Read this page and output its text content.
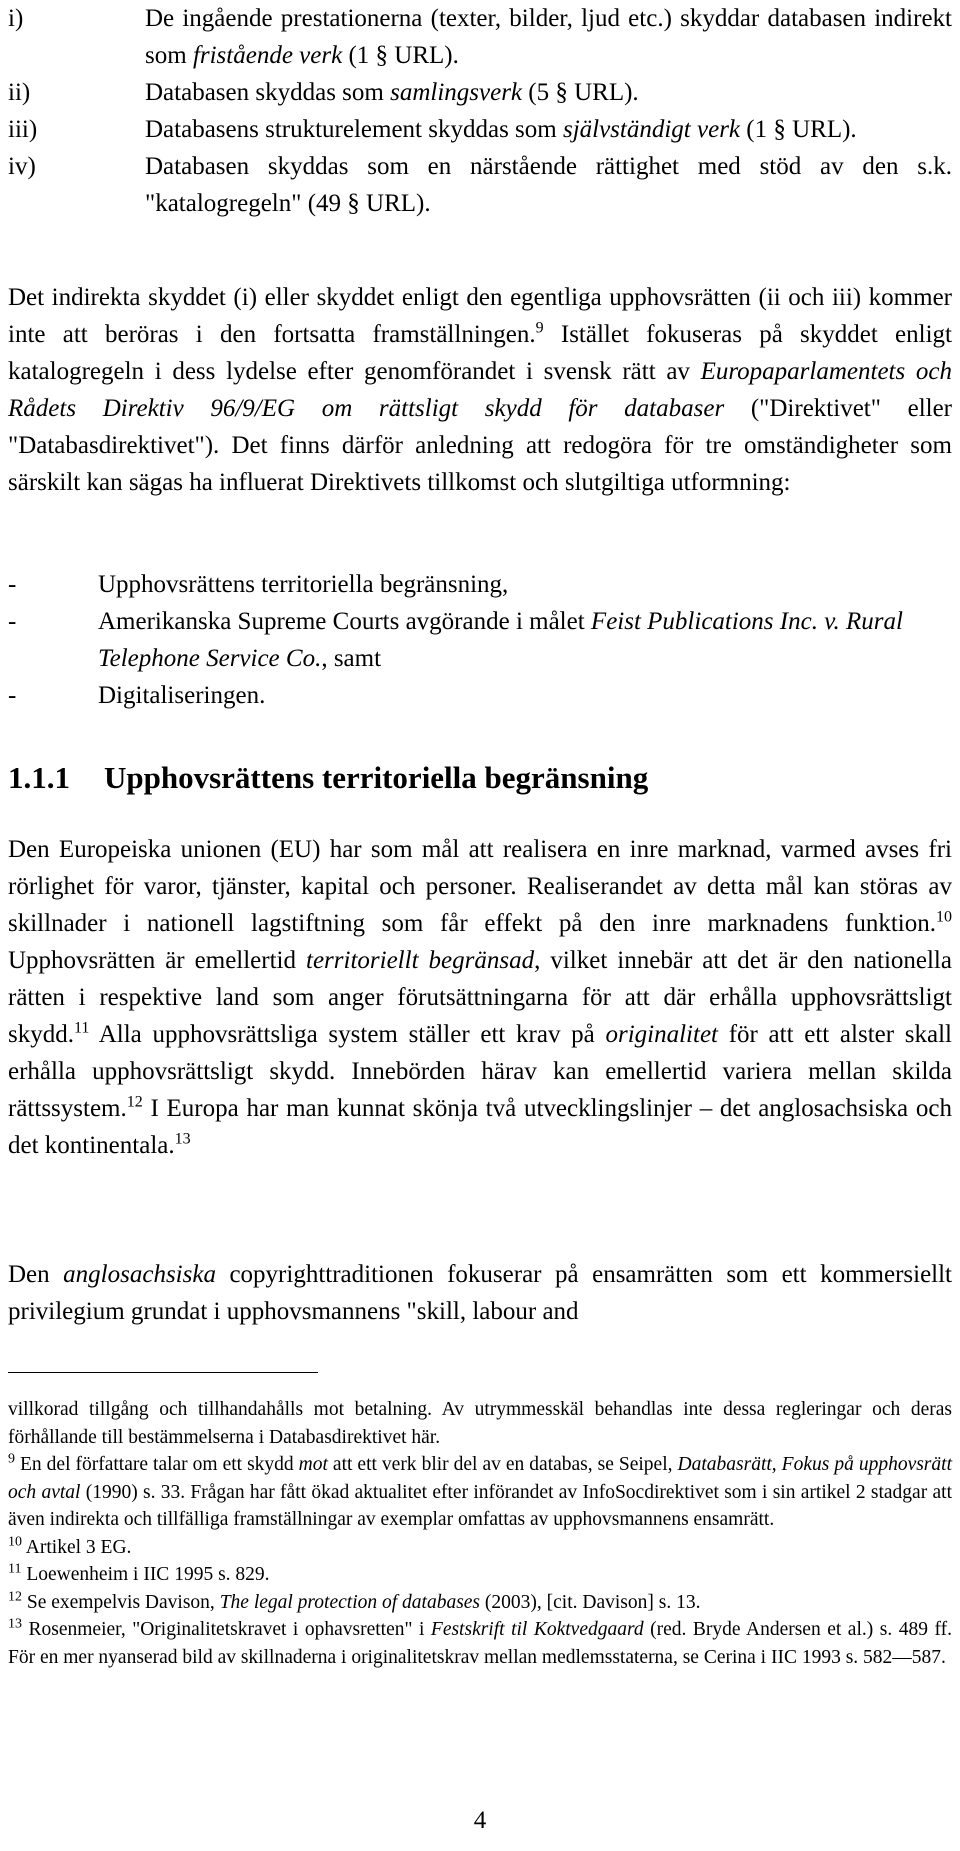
i)	De ingående prestationerna (texter, bilder, ljud etc.) skyddar databasen indirekt som fristående verk (1 § URL).
ii)	Databasen skyddas som samlingsverk (5 § URL).
iii)	Databasens strukturelement skyddas som självständigt verk (1 § URL).
iv)	Databasen skyddas som en närstående rättighet med stöd av den s.k. "katalogregeln" (49 § URL).

Det indirekta skyddet (i) eller skyddet enligt den egentliga upphovsrätten (ii och iii) kommer inte att beröras i den fortsatta framställningen.$^9$ Istället fokuseras på skyddet enligt katalogregeln i dess lydelse efter genomförandet i svensk rätt av Europaparlamentets och Rådets Direktiv 96/9/EG om rättsligt skydd för databaser ("Direktivet" eller "Databasdirektivet"). Det finns därför anledning att redogöra för tre omständigheter som särskilt kan sägas ha influerat Direktivets tillkomst och slutgiltiga utformning:

-	Upphovsrättens territoriella begränsning,
-	Amerikanska Supreme Courts avgörande i målet Feist Publications Inc. v. Rural Telephone Service Co., samt
-	Digitaliseringen.
1.1.1 Upphovsrättens territoriella begränsning

Den Europeiska unionen (EU) har som mål att realisera en inre marknad, varmed avses fri rörlighet för varor, tjänster, kapital och personer. Realiserandet av detta mål kan störas av skillnader i nationell lagstiftning som får effekt på den inre marknadens funktion.$^{10}$ Upphovsrätten är emellertid territoriellt begränsad, vilket innebär att det är den nationella rätten i respektive land som anger förutsättningarna för att där erhålla upphovsrättsligt skydd.$^{11}$ Alla upphovsrättsliga system ställer ett krav på originalitet för att ett alster skall erhålla upphovsrättsligt skydd. Innebörden härav kan emellertid variera mellan skilda rättssystem.$^{12}$ I Europa har man kunnat skönja två utvecklingslinjer – det anglosachsiska och det kontinentala.$^{13}$

Den anglosachsiska copyrighttraditionen fokuserar på ensamrätten som ett kommersiellt privilegium grundat i upphovsmannens "skill, labour and

villkorad tillgång och tillhandahålls mot betalning. Av utrymmesskäl behandlas inte dessa regleringar och deras förhållande till bestämmelserna i Databasdirektivet här.

$^9$ En del författare talar om ett skydd mot att ett verk blir del av en databas, se Seipel, Databasrätt, Fokus på upphovsrätt och avtal (1990) s. 33. Frågan har fått ökad aktualitet efter införandet av InfoSocdirektivet som i sin artikel 2 stadgar att även indirekta och tillfälliga framställningar av exemplar omfattas av upphovsmannens ensamrätt.

$^{10}$ Artikel 3 EG.

$^{11}$ Loewenheim i IIC 1995 s. 829.

$^{12}$ Se exempelvis Davison, The legal protection of databases (2003), [cit. Davison] s. 13.

$^{13}$ Rosenmeier, "Originalitetskravet i ophavsretten" i Festskrift til Koktvedgaard (red. Bryde Andersen et al.) s. 489 ff. För en mer nyanserad bild av skillnaderna i originalitetskrav mellan medlemsstaterna, se Cerina i IIC 1993 s. 582—587.

4
